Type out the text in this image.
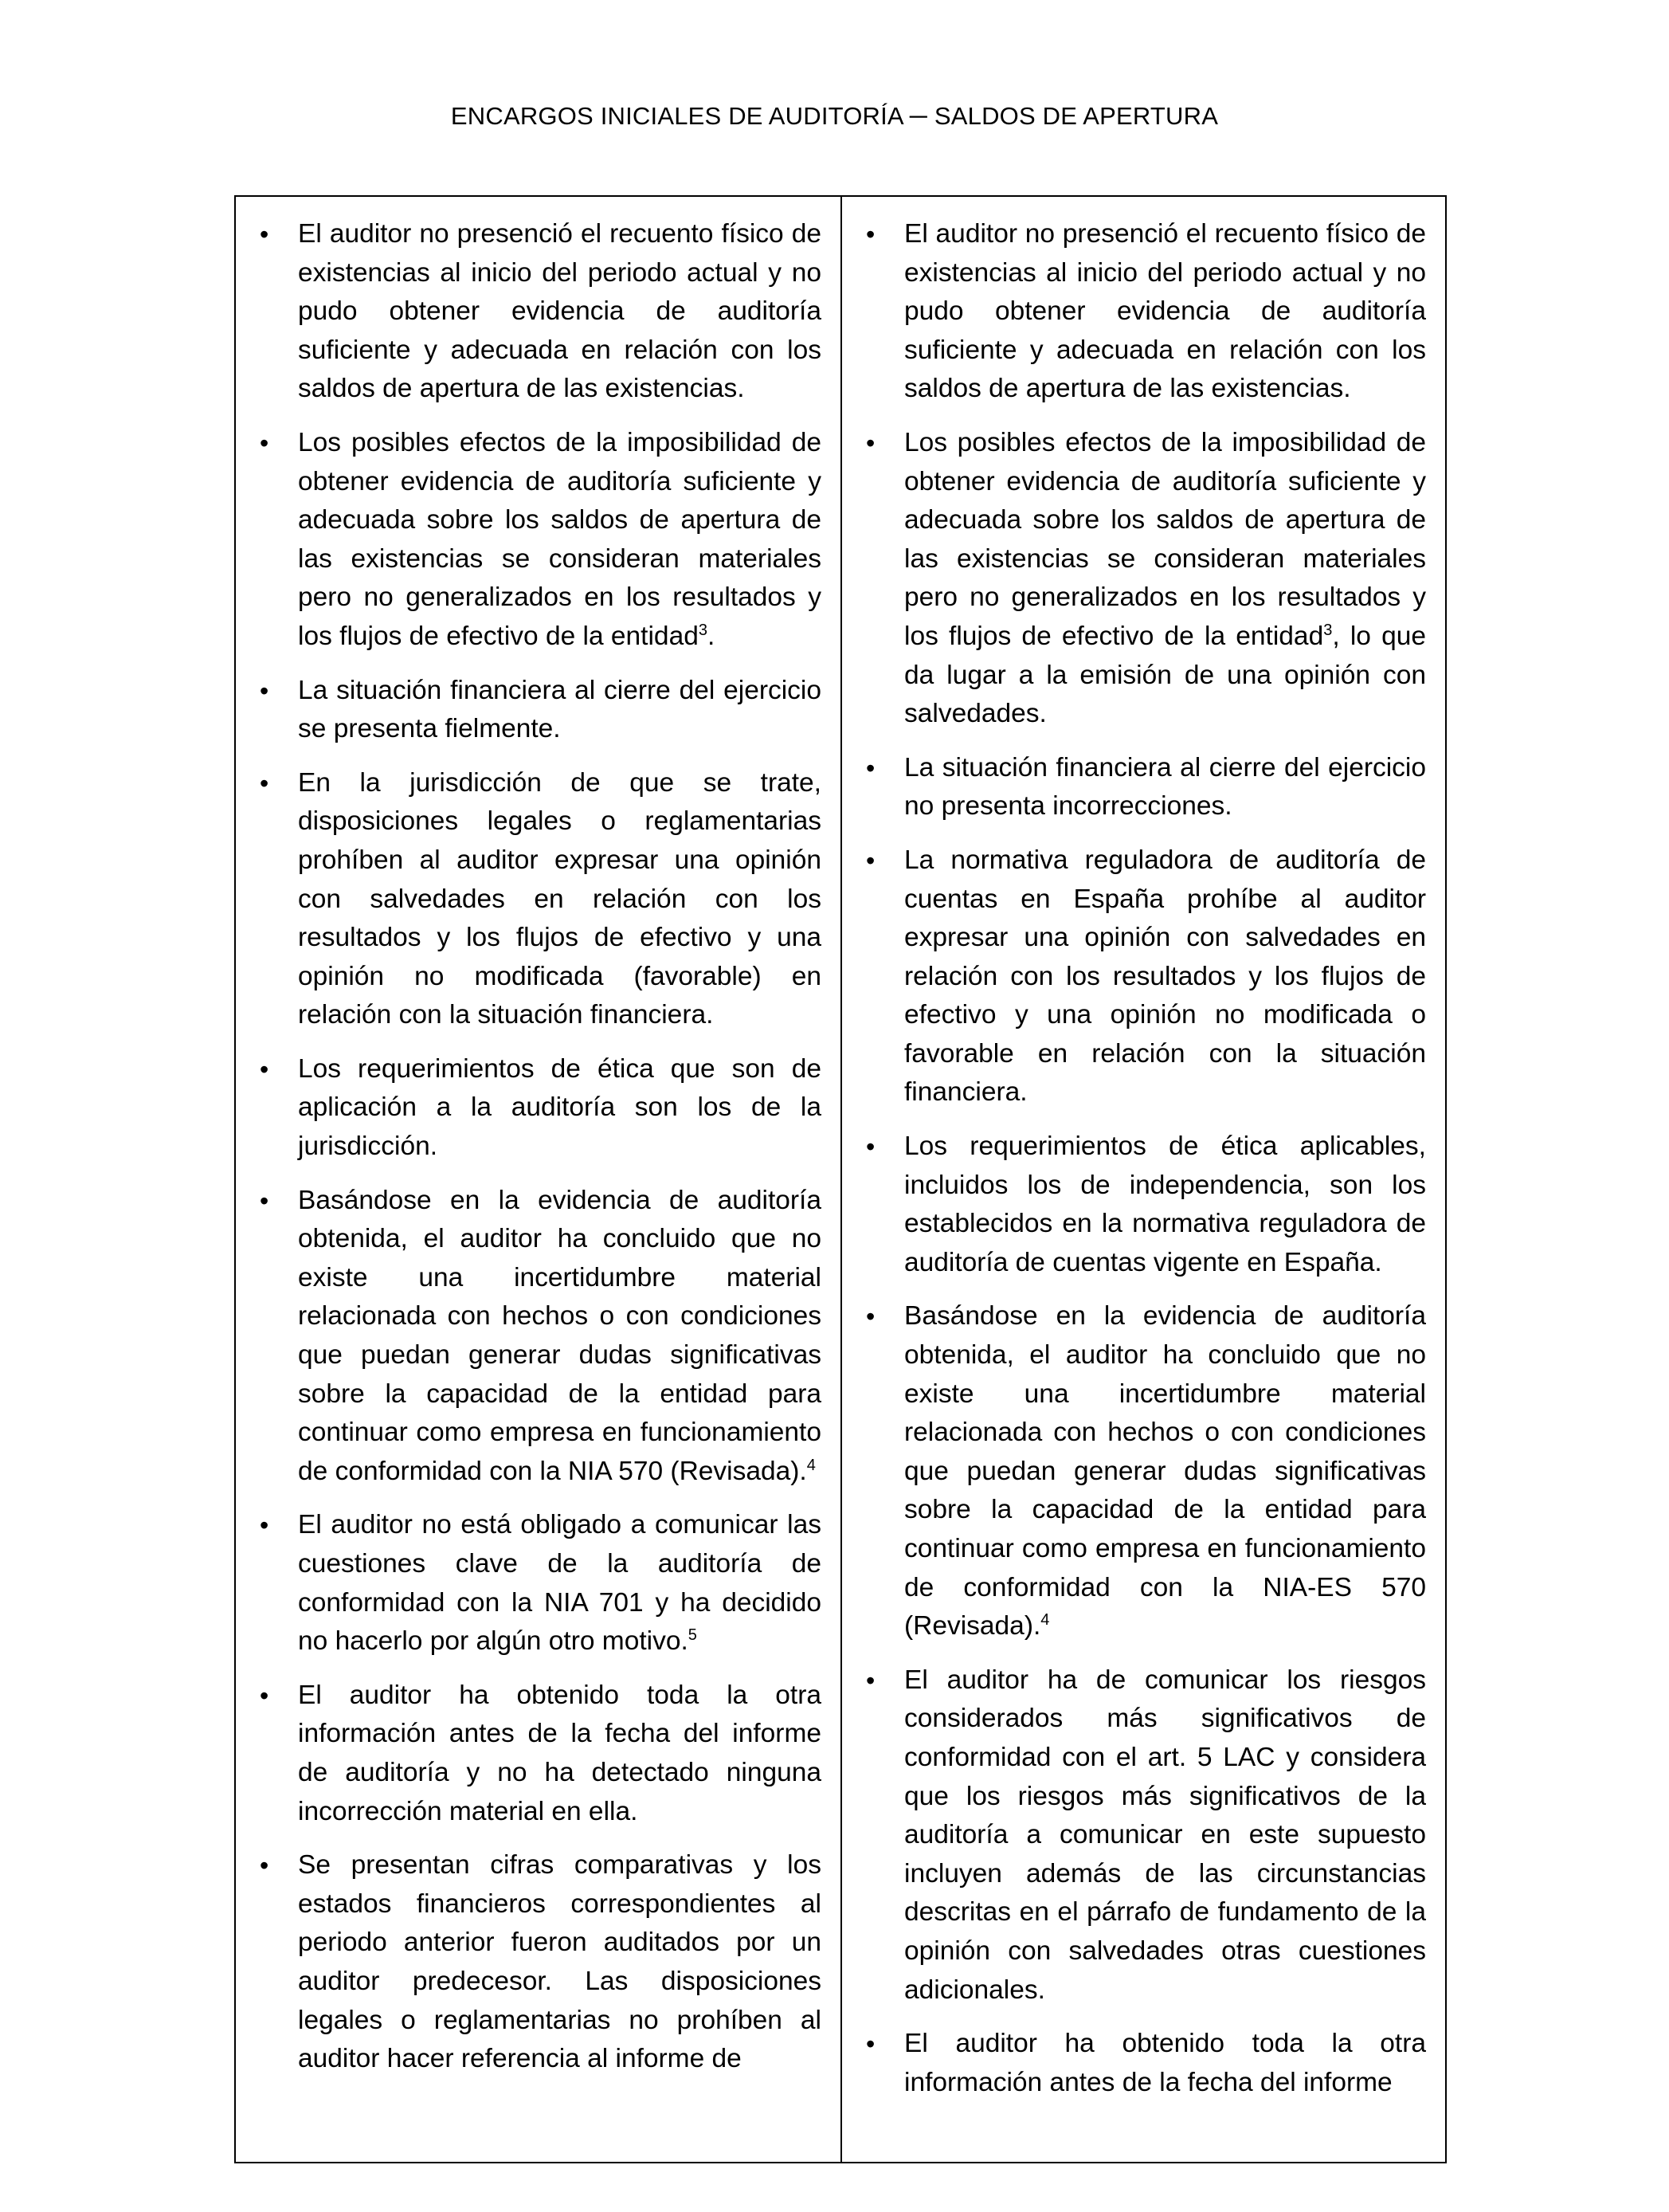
ENCARGOS INICIALES DE AUDITORÍA ─ SALDOS DE APERTURA
• El auditor no presenció el recuento físico de existencias al inicio del periodo actual y no pudo obtener evidencia de auditoría suficiente y adecuada en relación con los saldos de apertura de las existencias.
• Los posibles efectos de la imposibilidad de obtener evidencia de auditoría suficiente y adecuada sobre los saldos de apertura de las existencias se consideran materiales pero no generalizados en los resultados y los flujos de efectivo de la entidad$^3$.
• La situación financiera al cierre del ejercicio se presenta fielmente.
• En la jurisdicción de que se trate, disposiciones legales o reglamentarias prohíben al auditor expresar una opinión con salvedades en relación con los resultados y los flujos de efectivo y una opinión no modificada (favorable) en relación con la situación financiera.
• Los requerimientos de ética que son de aplicación a la auditoría son los de la jurisdicción.
• Basándose en la evidencia de auditoría obtenida, el auditor ha concluido que no existe una incertidumbre material relacionada con hechos o con condiciones que puedan generar dudas significativas sobre la capacidad de la entidad para continuar como empresa en funcionamiento de conformidad con la NIA 570 (Revisada).$^4$
• El auditor no está obligado a comunicar las cuestiones clave de la auditoría de conformidad con la NIA 701 y ha decidido no hacerlo por algún otro motivo.$^5$
• El auditor ha obtenido toda la otra información antes de la fecha del informe de auditoría y no ha detectado ninguna incorrección material en ella.
• Se presentan cifras comparativas y los estados financieros correspondientes al periodo anterior fueron auditados por un auditor predecesor. Las disposiciones legales o reglamentarias no prohíben al auditor hacer referencia al informe de
• El auditor no presenció el recuento físico de existencias al inicio del periodo actual y no pudo obtener evidencia de auditoría suficiente y adecuada en relación con los saldos de apertura de las existencias.
• Los posibles efectos de la imposibilidad de obtener evidencia de auditoría suficiente y adecuada sobre los saldos de apertura de las existencias se consideran materiales pero no generalizados en los resultados y los flujos de efectivo de la entidad$^3$, lo que da lugar a la emisión de una opinión con salvedades.
• La situación financiera al cierre del ejercicio no presenta incorrecciones.
• La normativa reguladora de auditoría de cuentas en España prohíbe al auditor expresar una opinión con salvedades en relación con los resultados y los flujos de efectivo y una opinión no modificada o favorable en relación con la situación financiera.
• Los requerimientos de ética aplicables, incluidos los de independencia, son los establecidos en la normativa reguladora de auditoría de cuentas vigente en España.
• Basándose en la evidencia de auditoría obtenida, el auditor ha concluido que no existe una incertidumbre material relacionada con hechos o con condiciones que puedan generar dudas significativas sobre la capacidad de la entidad para continuar como empresa en funcionamiento de conformidad con la NIA-ES 570 (Revisada).$^4$
• El auditor ha de comunicar los riesgos considerados más significativos de conformidad con el art. 5 LAC y considera que los riesgos más significativos de la auditoría a comunicar en este supuesto incluyen además de las circunstancias descritas en el párrafo de fundamento de la opinión con salvedades otras cuestiones adicionales.
• El auditor ha obtenido toda la otra información antes de la fecha del informe
